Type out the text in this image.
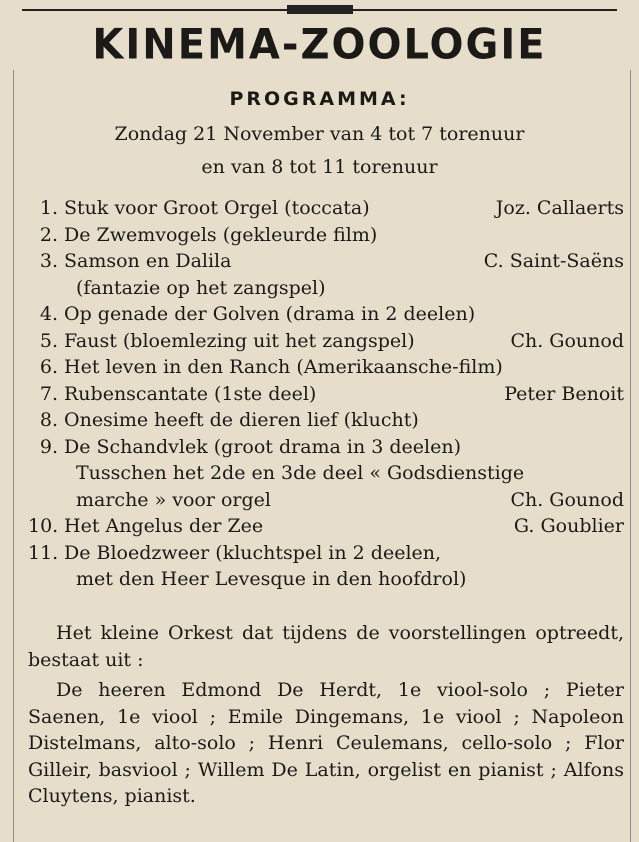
KINEMA-ZOOLOGIE
PROGRAMMA:
Zondag 21 November van 4 tot 7 torenuur
en van 8 tot 11 torenuur
1. Stuk voor Groot Orgel (toccata)	Joz. Callaerts
2. De Zwemvogels (gekleurde film)
3. Samson en Dalila	C. Saint-Saëns
(fantazie op het zangspel)
4. Op genade der Golven (drama in 2 deelen)
5. Faust (bloemlezing uit het zangspel)	Ch. Gounod
6. Het leven in den Ranch (Amerikaansche-film)
7. Rubenscantate (1ste deel)	Peter Benoit
8. Onesime heeft de dieren lief (klucht)
9. De Schandvlek (groot drama in 3 deelen)
Tusschen het 2de en 3de deel « Godsdienstige
marche » voor orgel	Ch. Gounod
10. Het Angelus der Zee	G. Goublier
11. De Bloedzweer (kluchtspel in 2 deelen,
met den Heer Levesque in den hoofdrol)
Het kleine Orkest dat tijdens de voorstellingen optreedt, bestaat uit :
De heeren Edmond De Herdt, 1e viool-solo ; Pieter Saenen, 1e viool ; Emile Dingemans, 1e viool ; Napoleon Distelmans, alto-solo ; Henri Ceulemans, cello-solo ; Flor Gilleir, basviool ; Willem De Latin, orgelist en pianist ; Alfons Cluytens, pianist.
